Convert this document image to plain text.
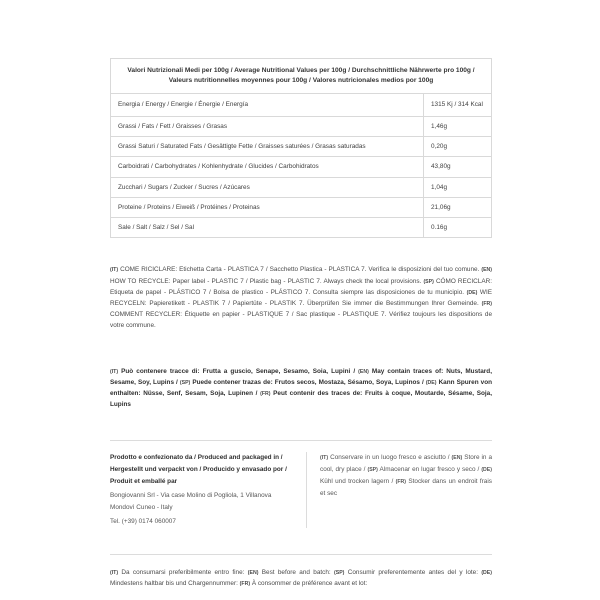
Valori Nutrizionali Medi per 100g / Average Nutritional Values per 100g / Durchschnittliche Nährwerte pro 100g / Valeurs nutritionnelles moyennes pour 100g / Valores nutricionales medios por 100g	
Energia / Energy / Energie / Énergie / Energía	1315 Kj / 314 Kcal
Grassi / Fats / Fett / Graisses / Grasas	1,46g
Grassi Saturi / Saturated Fats / Gesättigte Fette / Graisses saturées / Grasas saturadas	0,20g
Carboidrati / Carbohydrates / Kohlenhydrate / Glucides / Carbohidratos	43,80g
Zucchari / Sugars / Zucker / Sucres / Azúcares	1,04g
Proteine / Proteins / Eiweiß / Protéines / Proteinas	21,06g
Sale / Salt / Salz / Sel / Sal	0.16g
(IT) COME RICICLARE: Etichetta Carta - PLASTICA 7 / Sacchetto Plastica - PLASTICA 7. Verifica le disposizioni del tuo comune. (EN) HOW TO RECYCLE: Paper label - PLASTIC 7 / Plastic bag - PLASTIC 7. Always check the local provisions. (SP) CÓMO RECICLAR: Etiqueta de papel - PLÁSTICO 7 / Bolsa de plastico - PLÁSTICO 7. Consulta siempre las disposiciones de tu municipio. (DE) WIE RECYCELN: Papieretikett - PLASTIK 7 / Papiertüte - PLASTIK 7. Überprüfen Sie immer die Bestimmungen Ihrer Gemeinde. (FR) COMMENT RECYCLER: Étiquette en papier - PLASTIQUE 7 / Sac plastique - PLASTIQUE 7. Vérifiez toujours les dispositions de votre commune.
(IT) Può contenere tracce di: Frutta a guscio, Senape, Sesamo, Soia, Lupini / (EN) May contain traces of: Nuts, Mustard, Sesame, Soy, Lupins / (SP) Puede contener trazas de: Frutos secos, Mostaza, Sésamo, Soya, Lupinos / (DE) Kann Spuren von enthalten: Nüsse, Senf, Sesam, Soja, Lupinen / (FR) Peut contenir des traces de: Fruits à coque, Moutarde, Sésame, Soja, Lupins
Prodotto e confezionato da / Produced and packaged in / Hergestellt und verpackt von / Producido y envasado por / Produit et emballé par
Bongiovanni Srl - Via case Molino di Pogliola, 1 Villanova Mondovì Cuneo - Italy
Tel. (+39) 0174 060007
(IT) Conservare in un luogo fresco e asciutto / (EN) Store in a cool, dry place / (SP) Almacenar en lugar fresco y seco / (DE) Kühl und trocken lagern / (FR) Stocker dans un endroit frais et sec
(IT) Da consumarsi preferibilmente entro fine: (EN) Best before and batch: (SP) Consumir preferentemente antes del y lote: (DE) Mindestens haltbar bis und Chargennummer: (FR) À consommer de préférence avant et lot:
